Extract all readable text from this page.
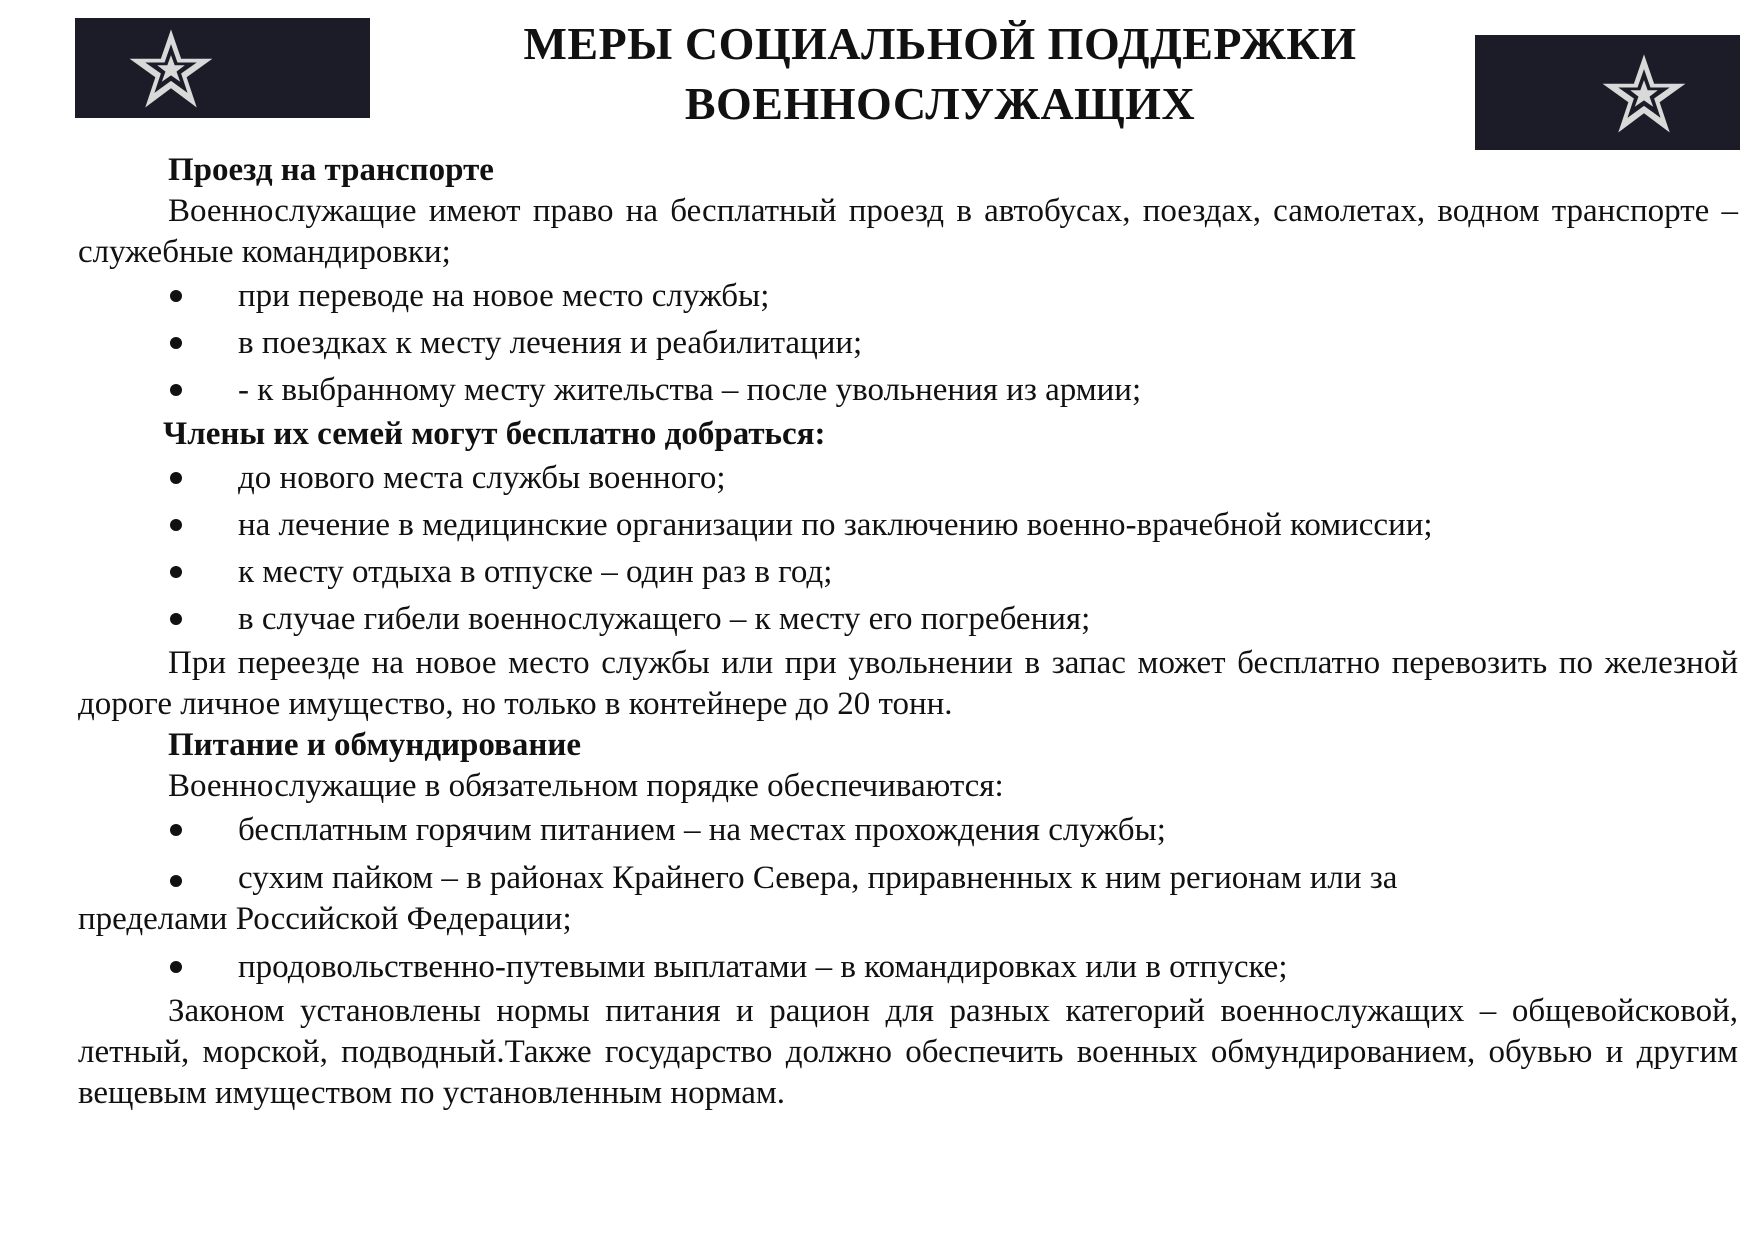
МЕРЫ СОЦИАЛЬНОЙ ПОДДЕРЖКИ
ВОЕННОСЛУЖАЩИХ
Проезд на транспорте
Военнослужащие имеют право на бесплатный проезд в автобусах, поездах, самолетах, водном транспорте – служебные командировки;
при переводе на новое место службы;
в поездках к месту лечения и реабилитации;
- к выбранному месту жительства – после увольнения из армии;
Члены их семей могут бесплатно добраться:
до нового места службы военного;
на лечение в медицинские организации по заключению военно-врачебной комиссии;
к месту отдыха в отпуске – один раз в год;
в случае гибели военнослужащего – к месту его погребения;
При переезде на новое место службы или при увольнении в запас может бесплатно перевозить по железной дороге личное имущество, но только в контейнере до 20 тонн.
Питание и обмундирование
Военнослужащие в обязательном порядке обеспечиваются:
бесплатным горячим питанием – на местах прохождения службы;
сухим пайком – в районах Крайнего Севера, приравненных к ним регионам или за
пределами Российской Федерации;
продовольственно-путевыми выплатами – в командировках или в отпуске;
Законом установлены нормы питания и рацион для разных категорий военнослужащих – общевойсковой, летный, морской, подводный.Также государство должно обеспечить военных обмундированием, обувью и другим вещевым имуществом по установленным нормам.
